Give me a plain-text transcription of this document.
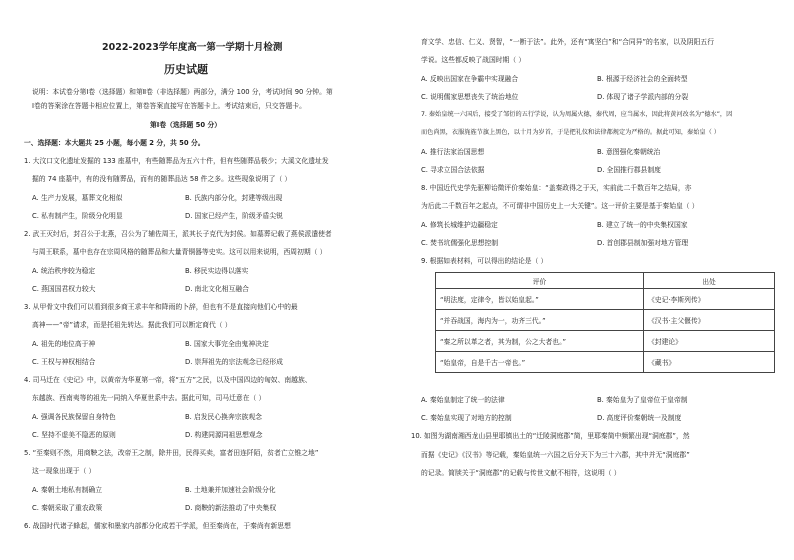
2022-2023学年度高一第一学期十月检测
历史试题
说明：本试卷分第Ⅰ卷（选择题）和第Ⅱ卷（非选择题）两部分，满分 100 分，考试时间 90 分钟。第
Ⅰ卷的答案涂在答题卡相应位置上，第卷答案直接写在答题卡上。考试结束后，只交答题卡。
第Ⅰ卷（选择题 50 分）
一、选择题：本大题共 25 小题，每小题 2 分，共 50 分。
1. 大汶口文化遗址发掘的 133 座墓中，有些随葬品为五六十件，但有些随葬品极少；大溪文化遗址发
掘的 74 座墓中，有的没有随葬品，而有的随葬品达 58 件之多。这些现象说明了（ ）
A. 生产力发展，墓葬文化相似	B. 氏族内部分化，封建等级出现
C. 私有制产生，阶级分化明显	D. 国家已经产生，阶级矛盾尖锐
2. 武王灭纣后，封召公于北燕，召公为了辅佐周王，派其长子克代为封侯。如墓葬记载了燕侯派遣使者
与周王联系，墓中也存在宗周风格的随葬品和大量青铜器等史实。这可以用来说明，西周初期（ ）
A. 统治秩序较为稳定	B. 移民实边得以落实
C. 燕国国君权力较大	D. 南北文化相互融合
3. 从甲骨文中我们可以看到很多商王求丰年和降雨的卜辞，但也有不是直接向他们心中的最
高神——“帝”请求，而是托祖先转达。据此我们可以断定商代（ ）
A. 祖先的地位高于神	B. 国家大事完全由鬼神决定
C. 王权与神权相结合	D. 崇拜祖先的宗法观念已经形成
4. 司马迁在《史记》中，以黄帝为华夏第一帝，将“五方”之民，以及中国四边的匈奴、南越族、
东越族、西南夷等的祖先一同纳入华夏世系中去。据此可知，司马迁意在（ ）
A. 强调各民族保留自身特色	B. 启发民心换奔宗族观念
C. 坚持不虚美不隐恶的原则	D. 构建同源同祖思想观念
5. “至秦则不然，用商鞅之法，改帝王之制，除井田，民得买卖，富者田连阡陌，贫者亡立锥之地”
这一现象出现于（ ）
A. 秦朝土地私有制确立	B. 土地兼并加速社会阶级分化
C. 秦朝采取了重农政策	D. 商鞅的新法推动了中央集权
6. 战国时代诸子蜂起，儒家和墨家内部都分化成若干学派，但至秦尚在，于秦尚有新思想
育文学、忠信、仁义、贤智，“一断于法”。此外，还有“寓坚白”和“合同异”的名家，以及阴阳五行
学说。这些都反映了战国时期（ ）
A. 反映出国家在争霸中实现融合	B. 根源于经济社会的全面转型
C. 说明儒家思想丧失了统治地位	D. 体现了诸子学派内部的分裂
7. 秦始皇统一六国后，接受了邹衍的五行学说，认为周属火德，秦代周，应当属水，因此将黄河改名为“德水”，因
而色尚黑，衣服旄旌节旗上黑色，以十月为岁首，于是把礼仪和法律都规定为严格的。据此可知，秦始皇（ ）
A. 推行法家治国思想	B. 意图强化秦朝统治
C. 寻求立国合法依据	D. 全国推行郡县制度
8. 中国近代史学先驱柳诒徵评价秦始皇：“盖秦政得之于天，实前此二千数百年之结局，亦
为后此二千数百年之起点，不可谓非中国历史上一大关键”。这一评价主要是基于秦始皇（ ）
A. 修筑长城维护边疆稳定	B. 建立了统一的中央集权国家
C. 焚书坑儒强化思想控制	D. 首创郡县制加强对地方管理
9. 根据如表材料，可以得出的结论是（ ）
评价	出处
“明法度，定律令，皆以始皇起。”	《史记·李斯列传》
“并吞战国，海内为一，功齐三代。”	《汉书·主父偃传》
“秦之所以革之者，其为制，公之大者也。”	《封建论》
“始皇帝，自是千古一帝也。”	《藏书》
A. 秦始皇制定了统一的法律	B. 秦始皇为了皇帝位于皇帝制
C. 秦始皇实现了对地方的控制	D. 高度评价秦朝统一及制度
10. 如图为湖南湘西龙山县里耶镇出土的“迁陵洞庭郡”简，里耶秦简中频繁出现“洞庭郡”，然
而据《史记》《汉书》等记载，秦始皇统一六国之后分天下为三十六郡，其中并无“洞庭郡”
的记录。简牍关于“洞庭郡”的记载与传世文献不相符，这说明（ ）
